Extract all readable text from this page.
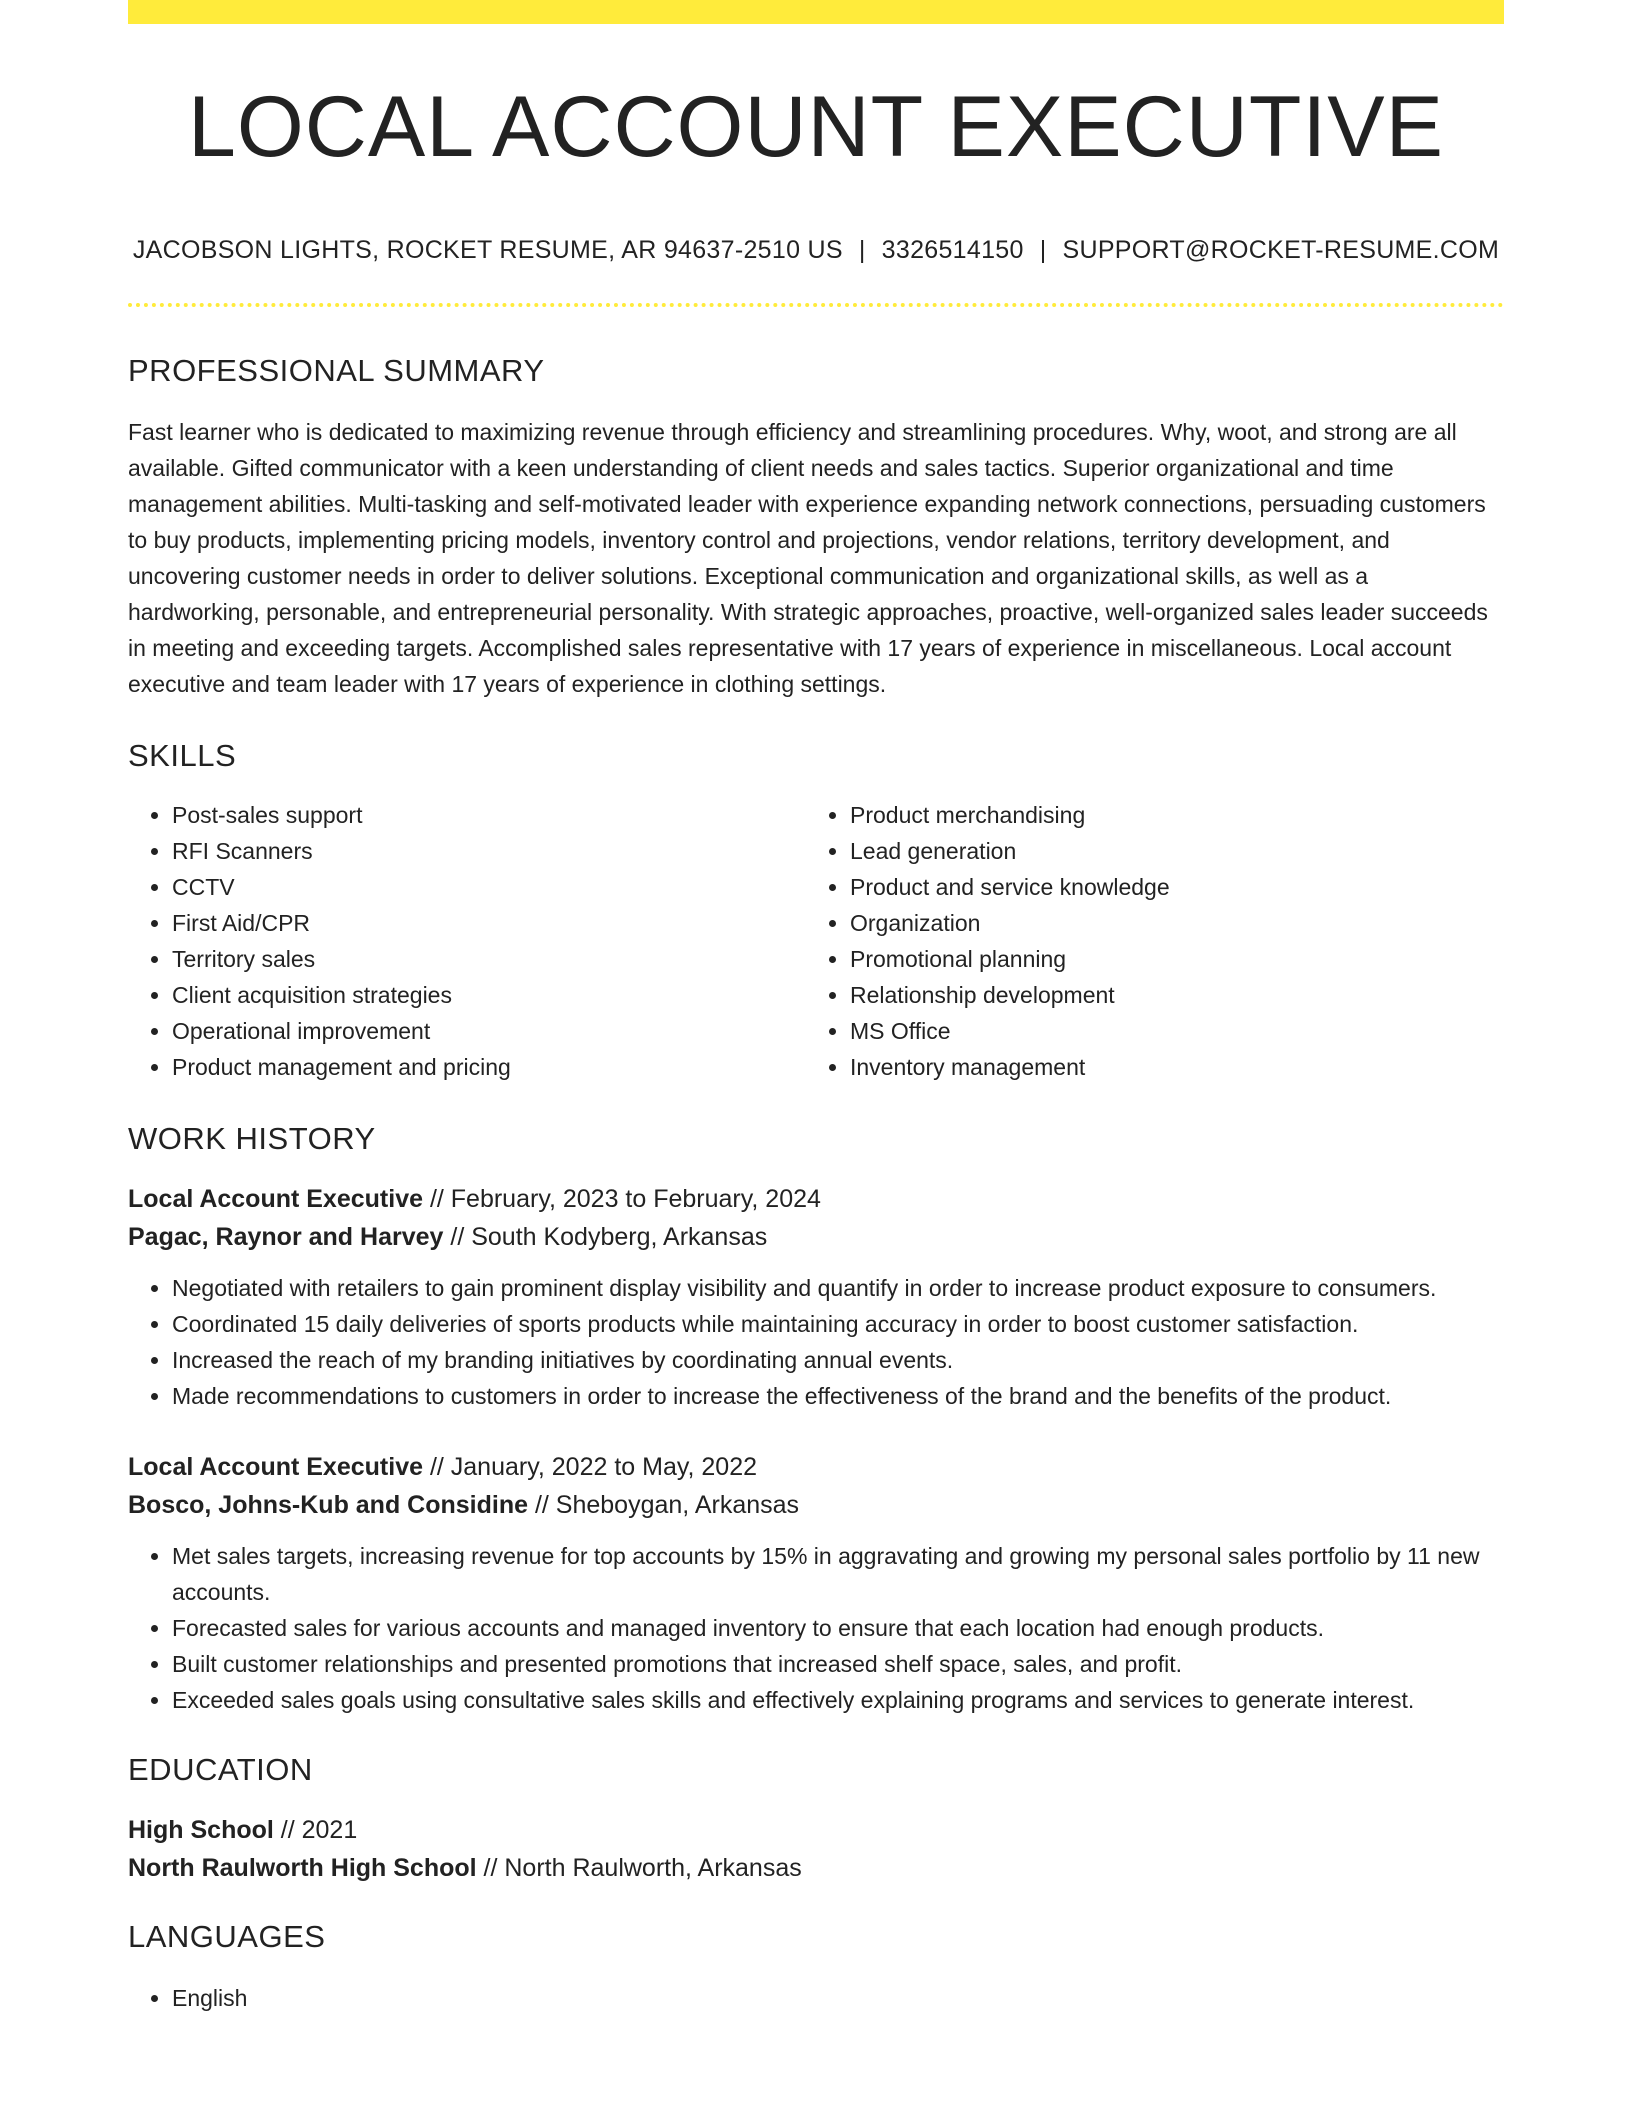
LOCAL ACCOUNT EXECUTIVE
JACOBSON LIGHTS, ROCKET RESUME, AR 94637-2510 US | 3326514150 | SUPPORT@ROCKET-RESUME.COM
PROFESSIONAL SUMMARY

Fast learner who is dedicated to maximizing revenue through efficiency and streamlining procedures. Why, woot, and strong are all available. Gifted communicator with a keen understanding of client needs and sales tactics. Superior organizational and time management abilities. Multi-tasking and self-motivated leader with experience expanding network connections, persuading customers to buy products, implementing pricing models, inventory control and projections, vendor relations, territory development, and uncovering customer needs in order to deliver solutions. Exceptional communication and organizational skills, as well as a hardworking, personable, and entrepreneurial personality. With strategic approaches, proactive, well-organized sales leader succeeds in meeting and exceeding targets. Accomplished sales representative with 17 years of experience in miscellaneous. Local account executive and team leader with 17 years of experience in clothing settings.

SKILLS
• Post-sales support
• RFI Scanners
• CCTV
• First Aid/CPR
• Territory sales
• Client acquisition strategies
• Operational improvement
• Product management and pricing
• Product merchandising
• Lead generation
• Product and service knowledge
• Organization
• Promotional planning
• Relationship development
• MS Office
• Inventory management
WORK HISTORY
Local Account Executive // February, 2023 to February, 2024
Pagac, Raynor and Harvey // South Kodyberg, Arkansas
• Negotiated with retailers to gain prominent display visibility and quantify in order to increase product exposure to consumers.
• Coordinated 15 daily deliveries of sports products while maintaining accuracy in order to boost customer satisfaction.
• Increased the reach of my branding initiatives by coordinating annual events.
• Made recommendations to customers in order to increase the effectiveness of the brand and the benefits of the product.
Local Account Executive // January, 2022 to May, 2022
Bosco, Johns-Kub and Considine // Sheboygan, Arkansas
• Met sales targets, increasing revenue for top accounts by 15% in aggravating and growing my personal sales portfolio by 11 new accounts.
• Forecasted sales for various accounts and managed inventory to ensure that each location had enough products.
• Built customer relationships and presented promotions that increased shelf space, sales, and profit.
• Exceeded sales goals using consultative sales skills and effectively explaining programs and services to generate interest.
EDUCATION
High School // 2021
North Raulworth High School // North Raulworth, Arkansas
LANGUAGES
• English
